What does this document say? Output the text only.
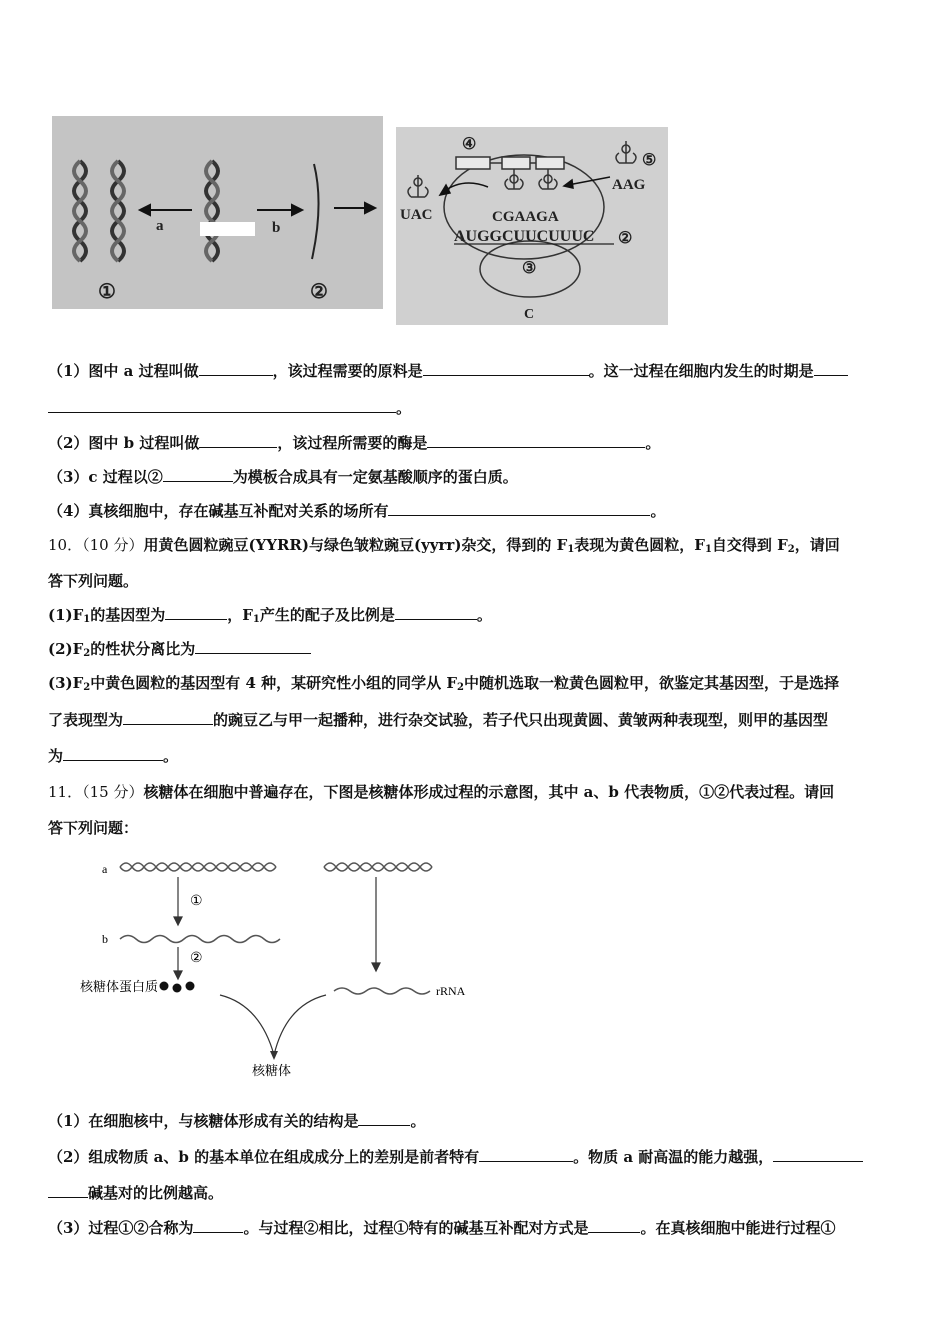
a	b
①	②
④
⑤
AAG
UAC	CGAAGA
AUGGCUUCUUUC ②
③
C
（1）图中 a 过程叫做	，该过程需要的原料是	。这一过程在细胞内发生的时期是
。
（2）图中 b 过程叫做	，该过程所需要的酶是	。
（3）c 过程以②	为模板合成具有一定氨基酸顺序的蛋白质。
（4）真核细胞中，存在碱基互补配对关系的场所有	。
10．（10 分）用黄色圆粒豌豆(YYRR)与绿色皱粒豌豆(yyrr)杂交，得到的 F1表现为黄色圆粒，F1自交得到 F2，请回
答下列问题。
(1)F1的基因型为	，F1产生的配子及比例是	。
(2)F2的性状分离比为
(3)F2中黄色圆粒的基因型有 4 种，某研究性小组的同学从 F2中随机选取一粒黄色圆粒甲，欲鉴定其基因型，于是选择
了表现型为	的豌豆乙与甲一起播种，进行杂交试验，若子代只出现黄圆、黄皱两种表现型，则甲的基因型
为	。
11．（15 分）核糖体在细胞中普遍存在，下图是核糖体形成过程的示意图，其中 a、b 代表物质，①②代表过程。请回
答下列问题：
a
①
b
②
核糖体蛋白质	rRNA
核糖体
（1）在细胞核中，与核糖体形成有关的结构是	。
（2）组成物质 a、b 的基本单位在组成成分上的差别是前者特有	。物质 a 耐高温的能力越强，
碱基对的比例越高。
（3）过程①②合称为	。与过程②相比，过程①特有的碱基互补配对方式是	。在真核细胞中能进行过程①
